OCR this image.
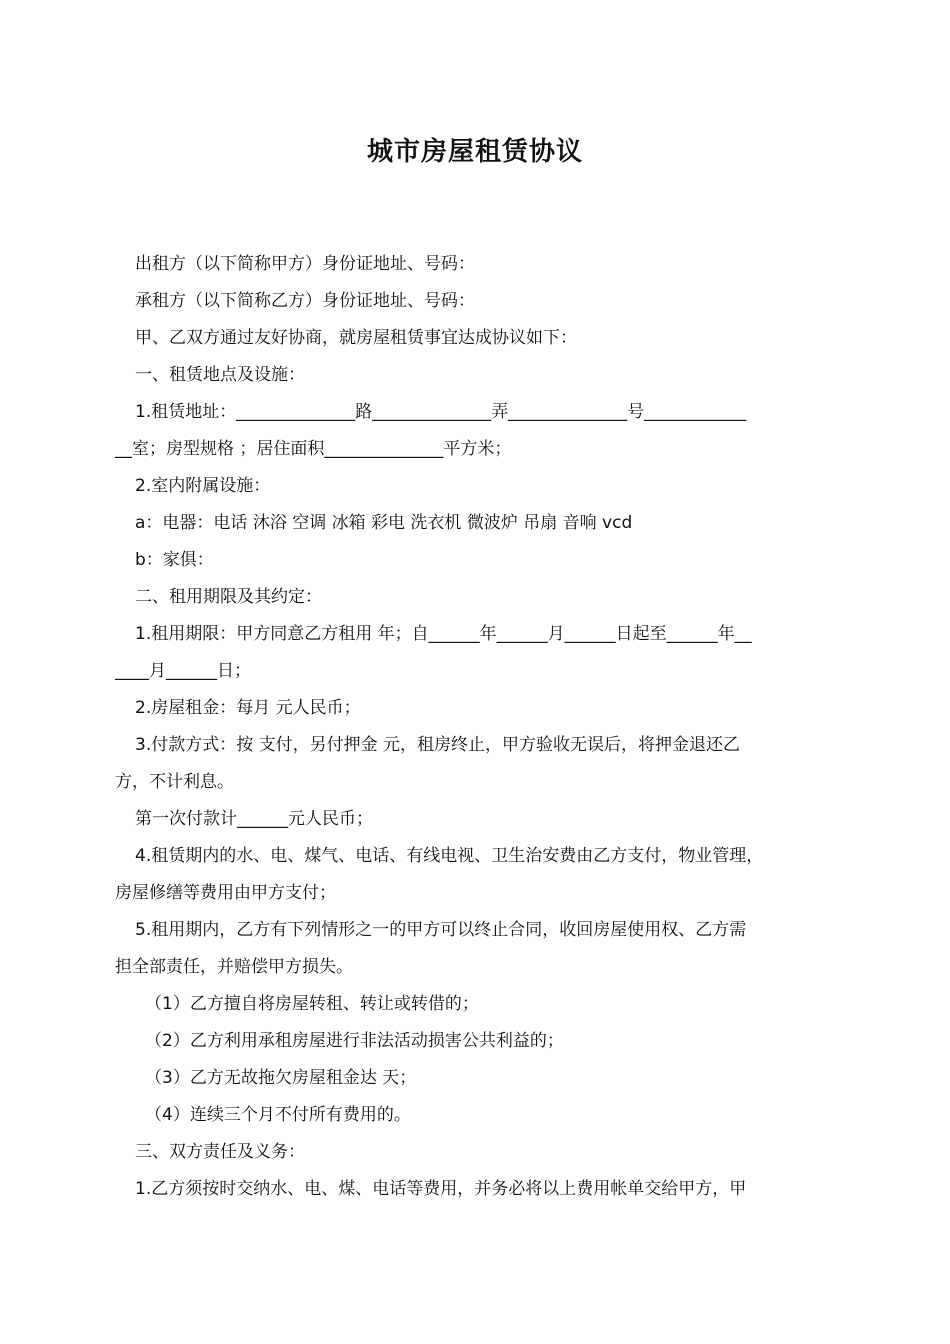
城市房屋租赁协议
出租方（以下简称甲方）身份证地址、号码：
承租方（以下简称乙方）身份证地址、号码：
甲、乙双方通过友好协商，就房屋租赁事宜达成协议如下：
一、租赁地点及设施：
1.租赁地址：______________路______________弄______________号____________
__室；房型规格 ；居住面积______________平方米；
2.室内附属设施：
a：电器：电话 沐浴 空调 冰箱 彩电 洗衣机 微波炉 吊扇 音响 vcd
b：家俱：
二、租用期限及其约定：
1.租用期限：甲方同意乙方租用 年；自______年______月______日起至______年__
____月______日；
2.房屋租金：每月 元人民币；
3.付款方式：按 支付，另付押金 元，租房终止，甲方验收无误后，将押金退还乙
方，不计利息。
第一次付款计______元人民币；
4.租赁期内的水、电、煤气、电话、有线电视、卫生治安费由乙方支付，物业管理，
房屋修缮等费用由甲方支付；
5.租用期内，乙方有下列情形之一的甲方可以终止合同，收回房屋使用权、乙方需
担全部责任，并赔偿甲方损失。
（1）乙方擅自将房屋转租、转让或转借的；
（2）乙方利用承租房屋进行非法活动损害公共利益的；
（3）乙方无故拖欠房屋租金达 天；
（4）连续三个月不付所有费用的。
三、双方责任及义务：
1.乙方须按时交纳水、电、煤、电话等费用，并务必将以上费用帐单交给甲方，甲
